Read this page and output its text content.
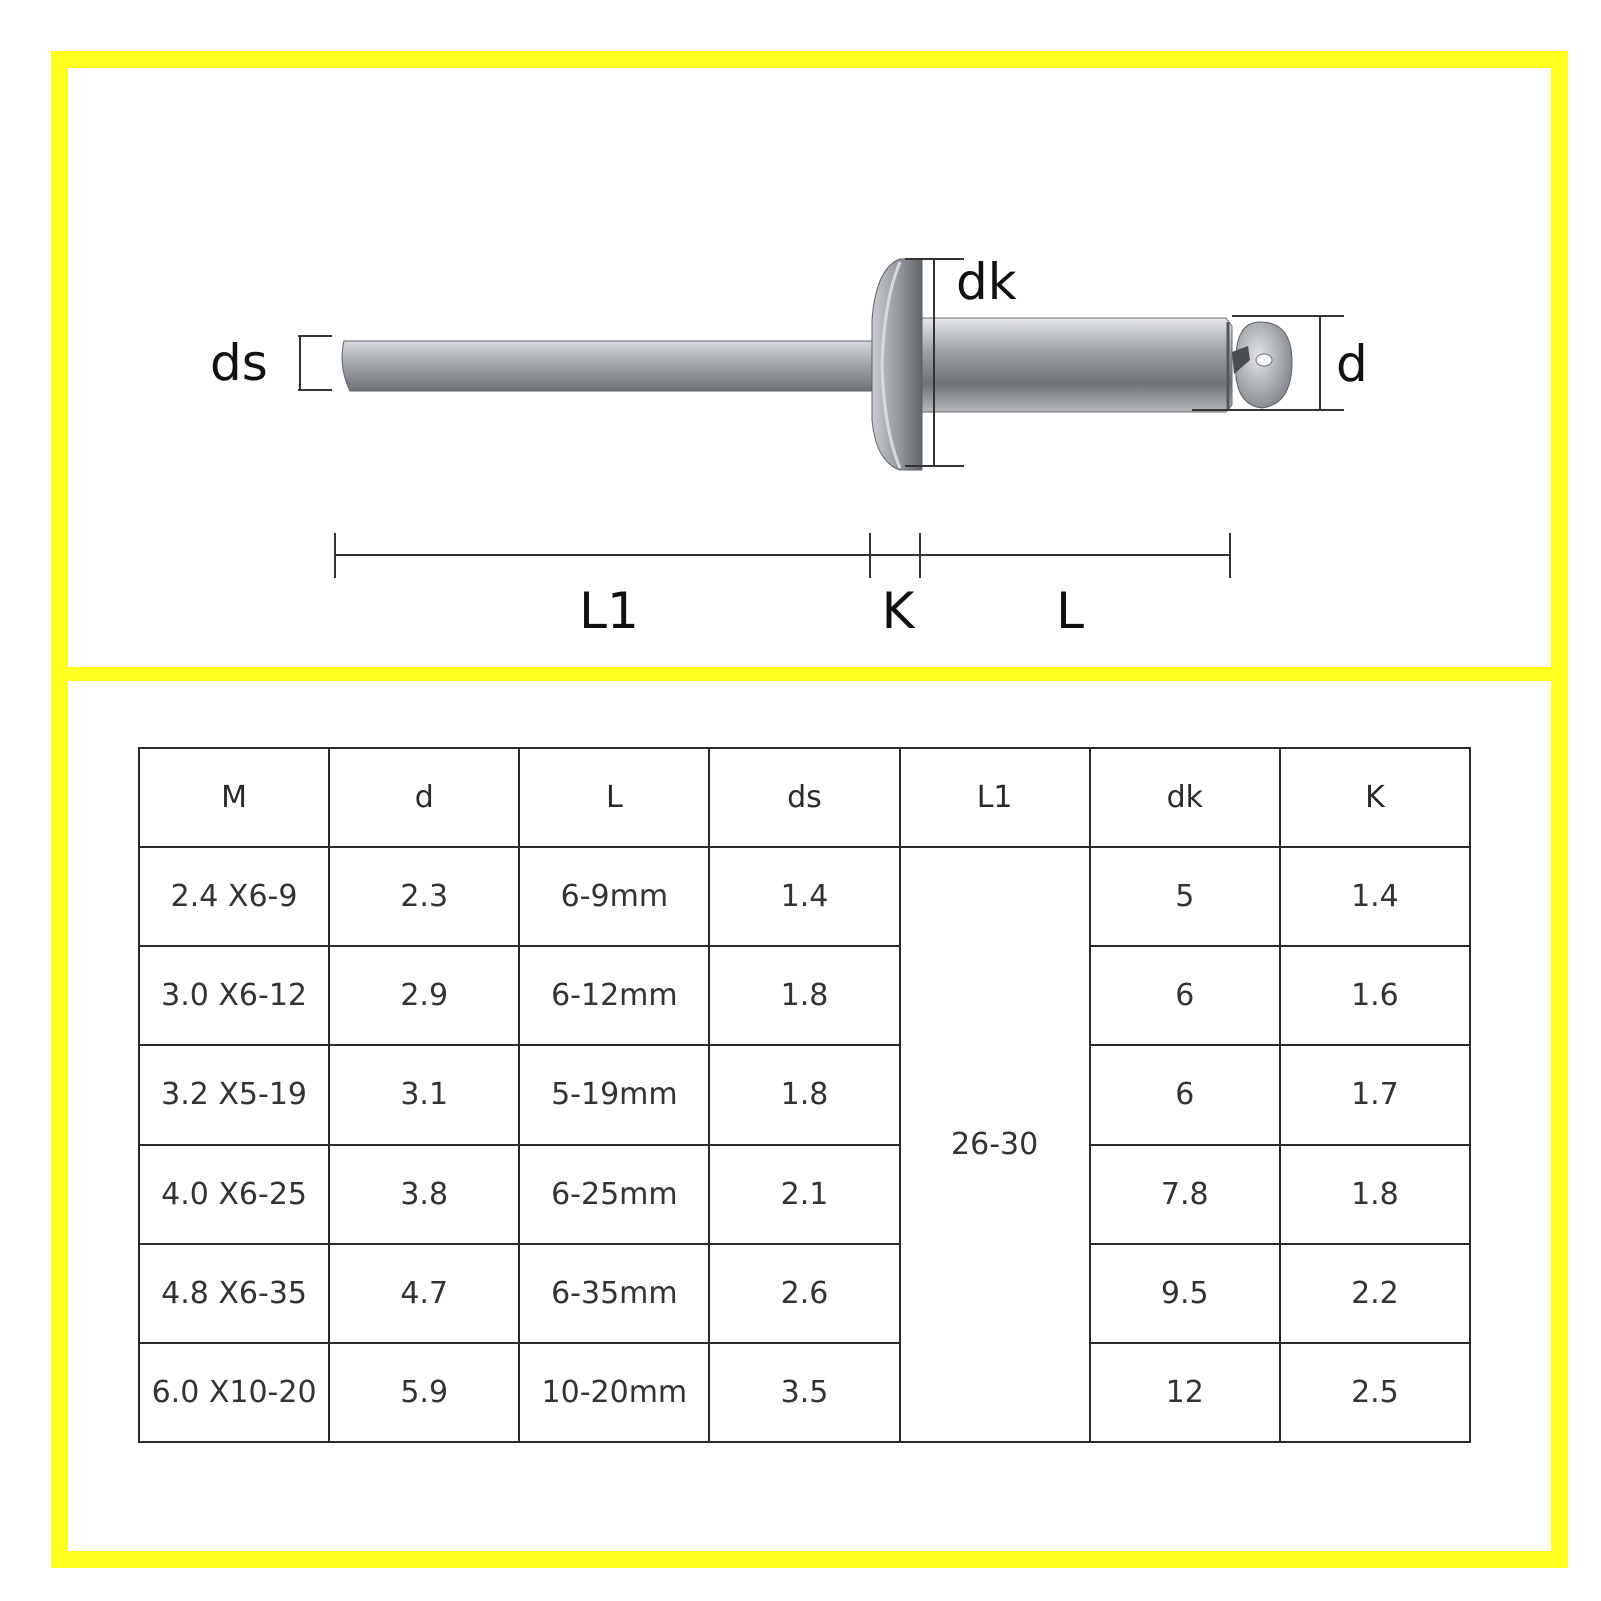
ds
dk
d
L1	K	L
M	d	L	ds	L1	dk	K
2.4 X6-9	2.3	6-9mm	1.4	26-30	5	1.4
3.0 X6-12	2.9	6-12mm	1.8		6	1.6
3.2 X5-19	3.1	5-19mm	1.8		6	1.7
4.0 X6-25	3.8	6-25mm	2.1		7.8	1.8
4.8 X6-35	4.7	6-35mm	2.6		9.5	2.2
6.0 X10-20	5.9	10-20mm	3.5		12	2.5
